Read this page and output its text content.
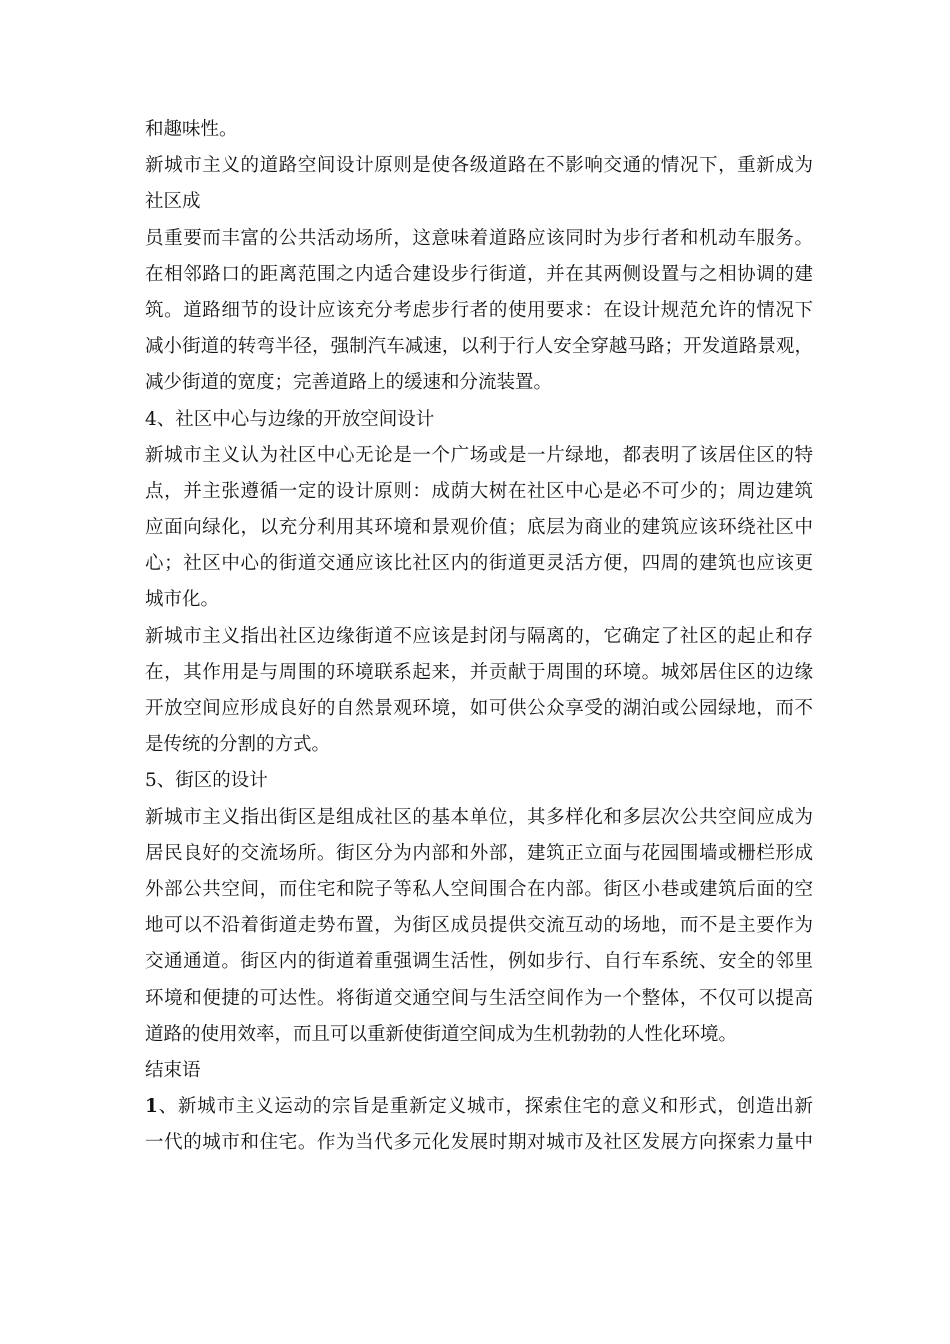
和趣味性。
新城市主义的道路空间设计原则是使各级道路在不影响交通的情况下，重新成为
社区成
员重要而丰富的公共活动场所，这意味着道路应该同时为步行者和机动车服务。
在相邻路口的距离范围之内适合建设步行街道，并在其两侧设置与之相协调的建
筑。道路细节的设计应该充分考虑步行者的使用要求：在设计规范允许的情况下
减小街道的转弯半径，强制汽车减速，以利于行人安全穿越马路；开发道路景观，
减少街道的宽度；完善道路上的缓速和分流装置。
4、社区中心与边缘的开放空间设计
新城市主义认为社区中心无论是一个广场或是一片绿地，都表明了该居住区的特
点，并主张遵循一定的设计原则：成荫大树在社区中心是必不可少的；周边建筑
应面向绿化，以充分利用其环境和景观价值；底层为商业的建筑应该环绕社区中
心；社区中心的街道交通应该比社区内的街道更灵活方便，四周的建筑也应该更
城市化。
新城市主义指出社区边缘街道不应该是封闭与隔离的，它确定了社区的起止和存
在，其作用是与周围的环境联系起来，并贡献于周围的环境。城郊居住区的边缘
开放空间应形成良好的自然景观环境，如可供公众享受的湖泊或公园绿地，而不
是传统的分割的方式。
5、街区的设计
新城市主义指出街区是组成社区的基本单位，其多样化和多层次公共空间应成为
居民良好的交流场所。街区分为内部和外部，建筑正立面与花园围墙或栅栏形成
外部公共空间，而住宅和院子等私人空间围合在内部。街区小巷或建筑后面的空
地可以不沿着街道走势布置，为街区成员提供交流互动的场地，而不是主要作为
交通通道。街区内的街道着重强调生活性，例如步行、自行车系统、安全的邻里
环境和便捷的可达性。将街道交通空间与生活空间作为一个整体，不仅可以提高
道路的使用效率，而且可以重新使街道空间成为生机勃勃的人性化环境。
结束语
1、新城市主义运动的宗旨是重新定义城市，探索住宅的意义和形式，创造出新
一代的城市和住宅。作为当代多元化发展时期对城市及社区发展方向探索力量中
